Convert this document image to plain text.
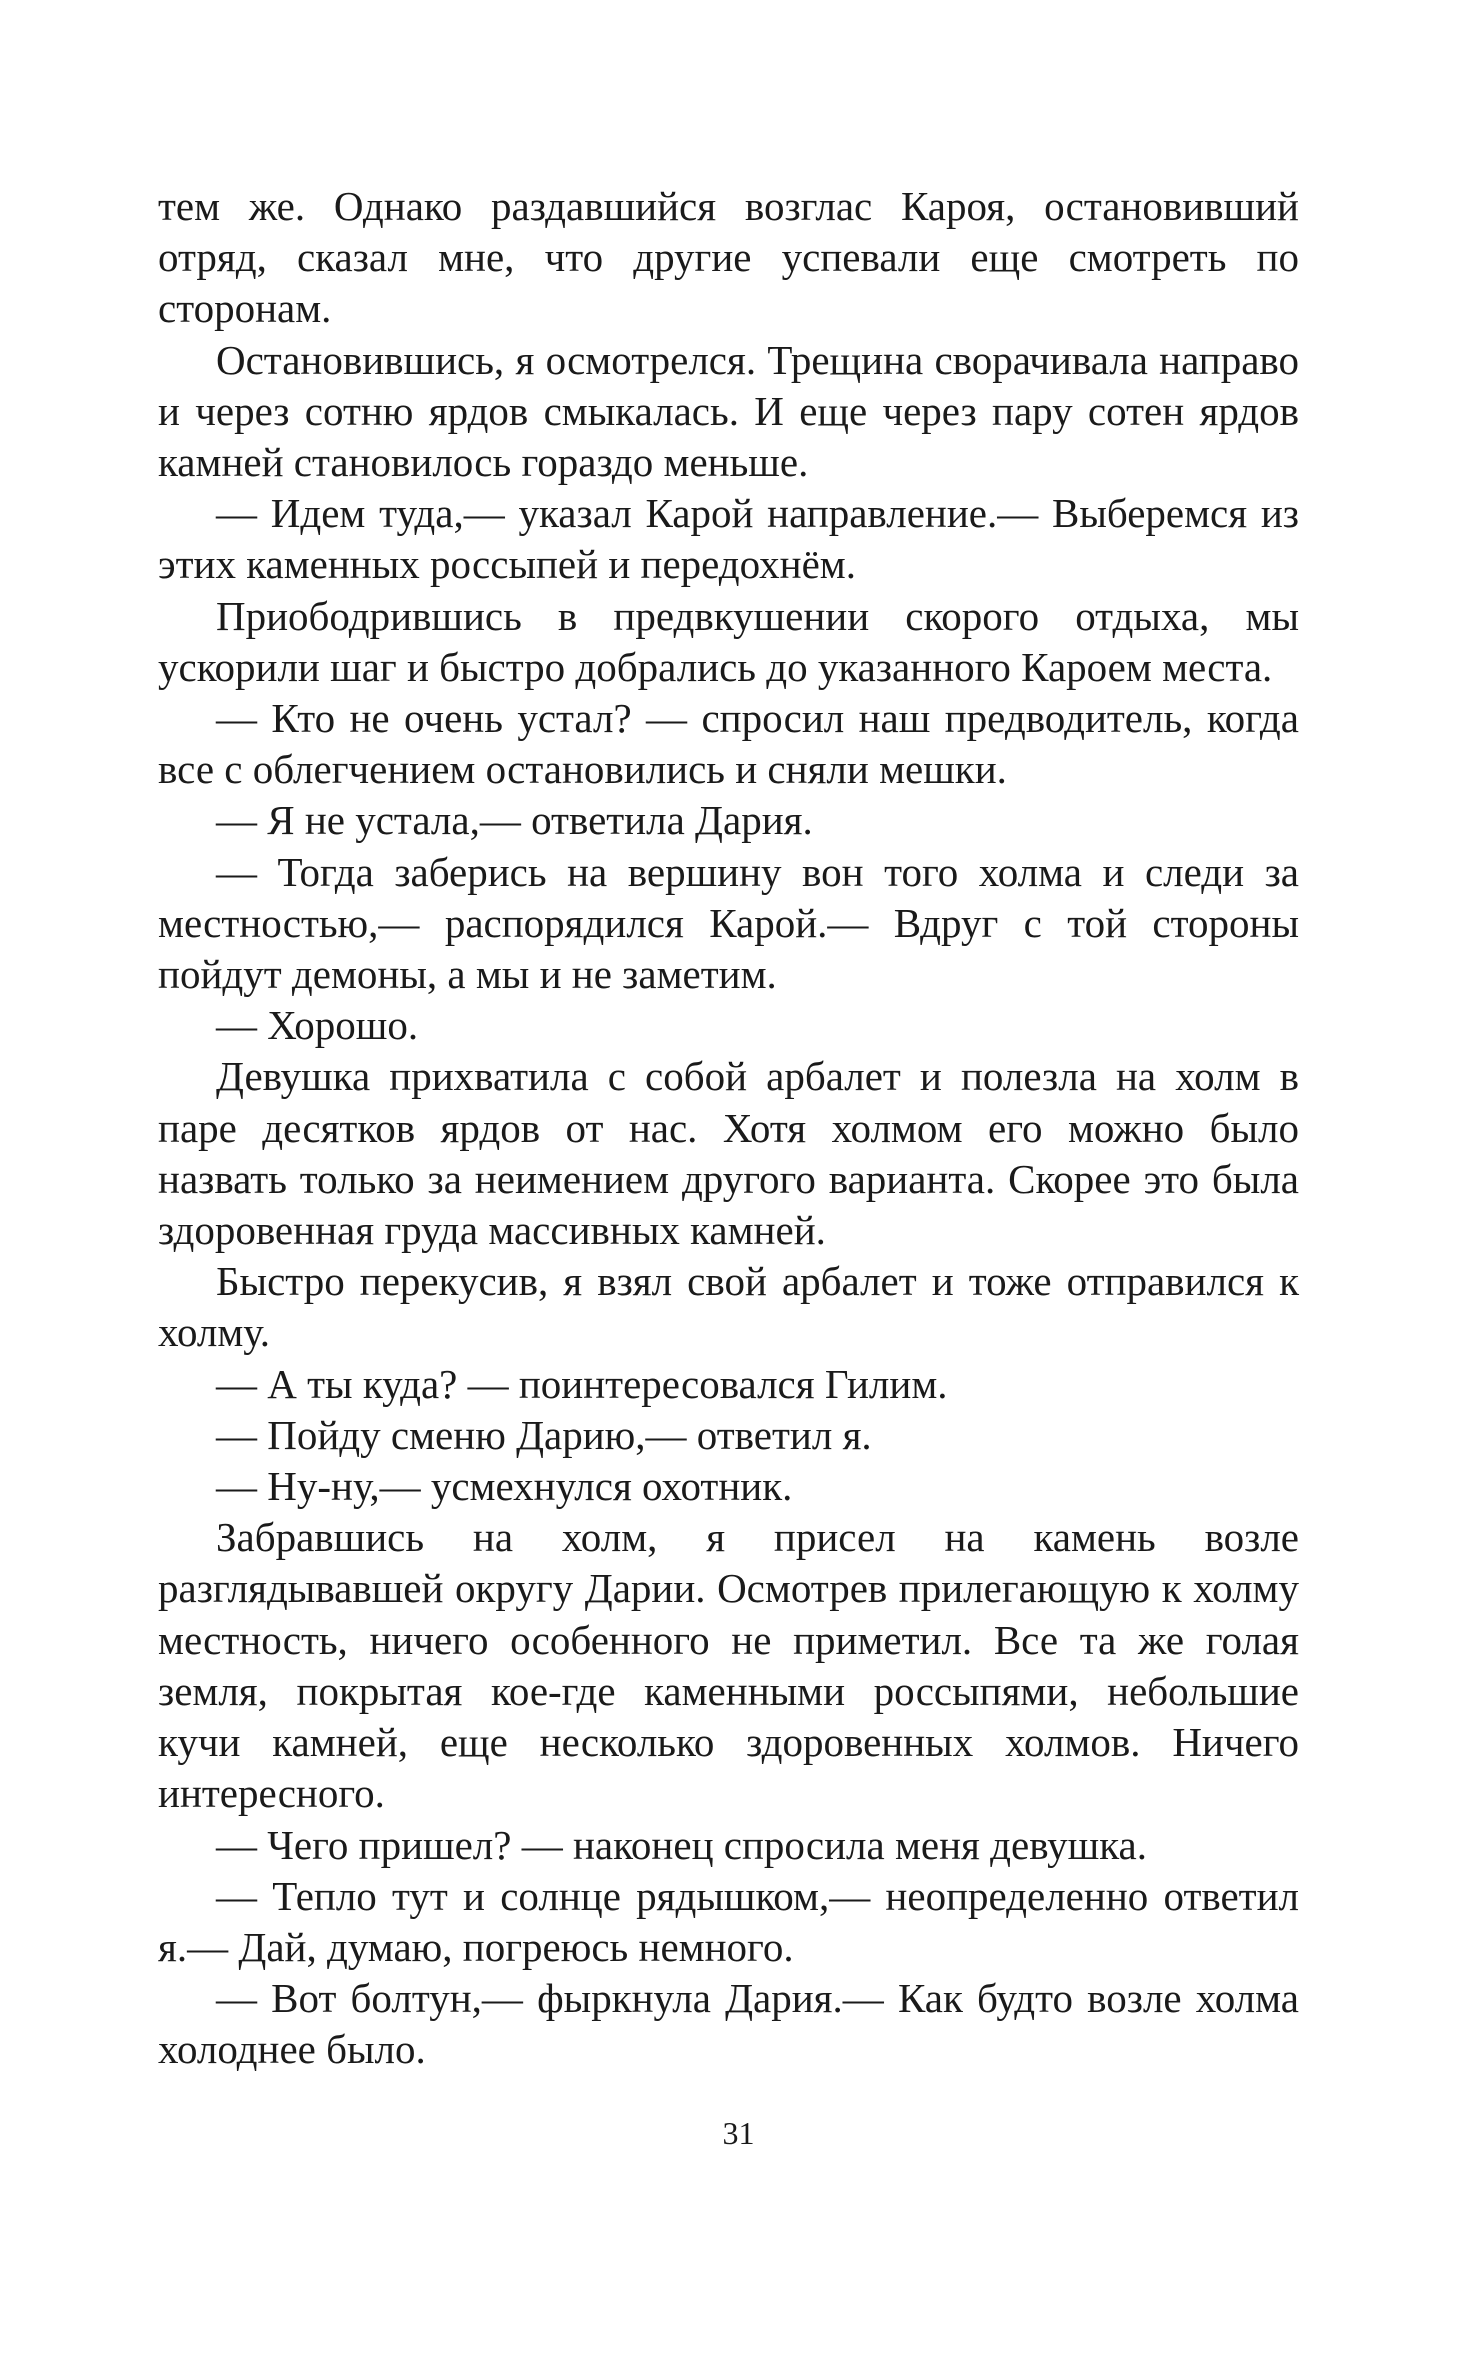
тем же. Однако раздавшийся возглас Кароя, остановивший отряд, сказал мне, что другие успевали еще смотреть по сторонам.

Остановившись, я осмотрелся. Трещина сворачивала направо и через сотню ярдов смыкалась. И еще через пару сотен ярдов камней становилось гораздо меньше.

— Идем туда,— указал Карой направление.— Выберемся из этих каменных россыпей и передохнём.

Приободрившись в предвкушении скорого отдыха, мы ускорили шаг и быстро добрались до указанного Кароем места.

— Кто не очень устал? — спросил наш предводитель, когда все с облегчением остановились и сняли мешки.

— Я не устала,— ответила Дария.

— Тогда заберись на вершину вон того холма и следи за местностью,— распорядился Карой.— Вдруг с той стороны пойдут демоны, а мы и не заметим.

— Хорошо.

Девушка прихватила с собой арбалет и полезла на холм в паре десятков ярдов от нас. Хотя холмом его можно было назвать только за неимением другого варианта. Скорее это была здоровенная груда массивных камней.

Быстро перекусив, я взял свой арбалет и тоже отправился к холму.

— А ты куда? — поинтересовался Гилим.

— Пойду сменю Дарию,— ответил я.

— Ну-ну,— усмехнулся охотник.

Забравшись на холм, я присел на камень возле разглядывавшей округу Дарии. Осмотрев прилегающую к холму местность, ничего особенного не приметил. Все та же голая земля, покрытая кое-где каменными россыпями, небольшие кучи камней, еще несколько здоровенных холмов. Ничего интересного.

— Чего пришел? — наконец спросила меня девушка.

— Тепло тут и солнце рядышком,— неопределенно ответил я.— Дай, думаю, погреюсь немного.

— Вот болтун,— фыркнула Дария.— Как будто возле холма холоднее было.

31
